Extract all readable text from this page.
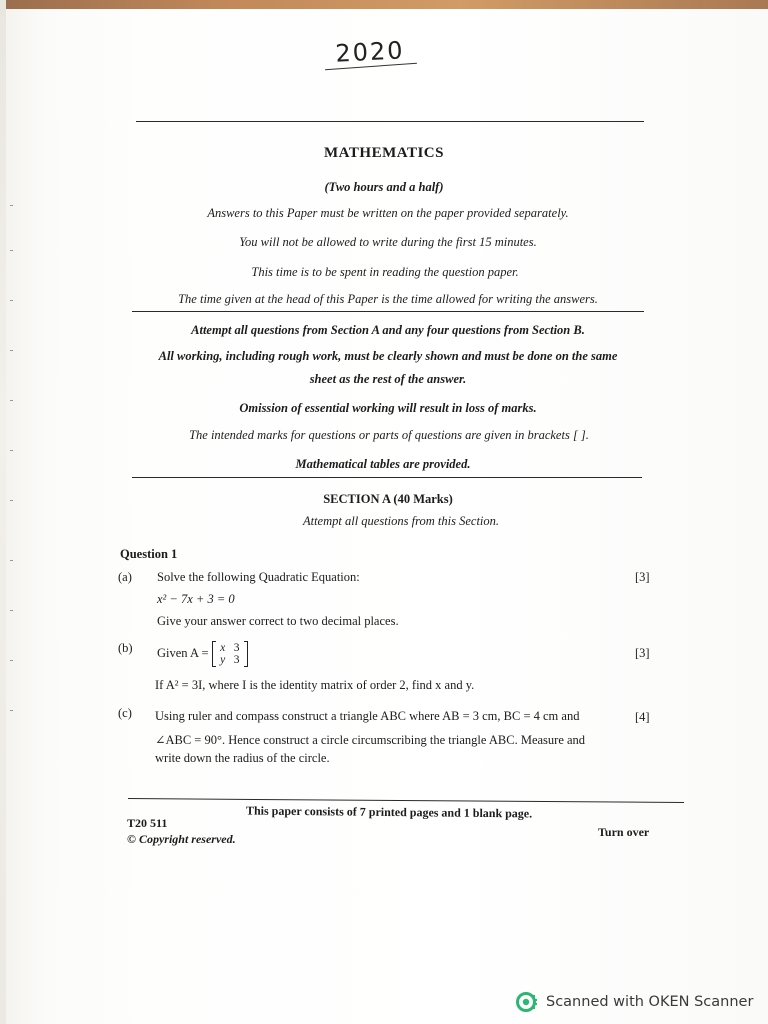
2020
MATHEMATICS
(Two hours and a half)
Answers to this Paper must be written on the paper provided separately.
You will not be allowed to write during the first 15 minutes.
This time is to be spent in reading the question paper.
The time given at the head of this Paper is the time allowed for writing the answers.
Attempt all questions from Section A and any four questions from Section B.
All working, including rough work, must be clearly shown and must be done on the same
sheet as the rest of the answer.
Omission of essential working will result in loss of marks.
The intended marks for questions or parts of questions are given in brackets [ ].
Mathematical tables are provided.
SECTION A (40 Marks)
Attempt all questions from this Section.
Question 1
(a) Solve the following Quadratic Equation:
x² − 7x + 3 = 0
Give your answer correct to two decimal places.
[3]
(b) Given A =	x 3
y 3
If A² = 3I, where I is the identity matrix of order 2, find x and y.
[3]
(c) Using ruler and compass construct a triangle ABC where AB = 3 cm, BC = 4 cm and
∠ABC = 90°. Hence construct a circle circumscribing the triangle ABC. Measure and
write down the radius of the circle.
[4]
This paper consists of 7 printed pages and 1 blank page.
T20 511
© Copyright reserved.	Turn over
Scanned with OKEN Scanner
